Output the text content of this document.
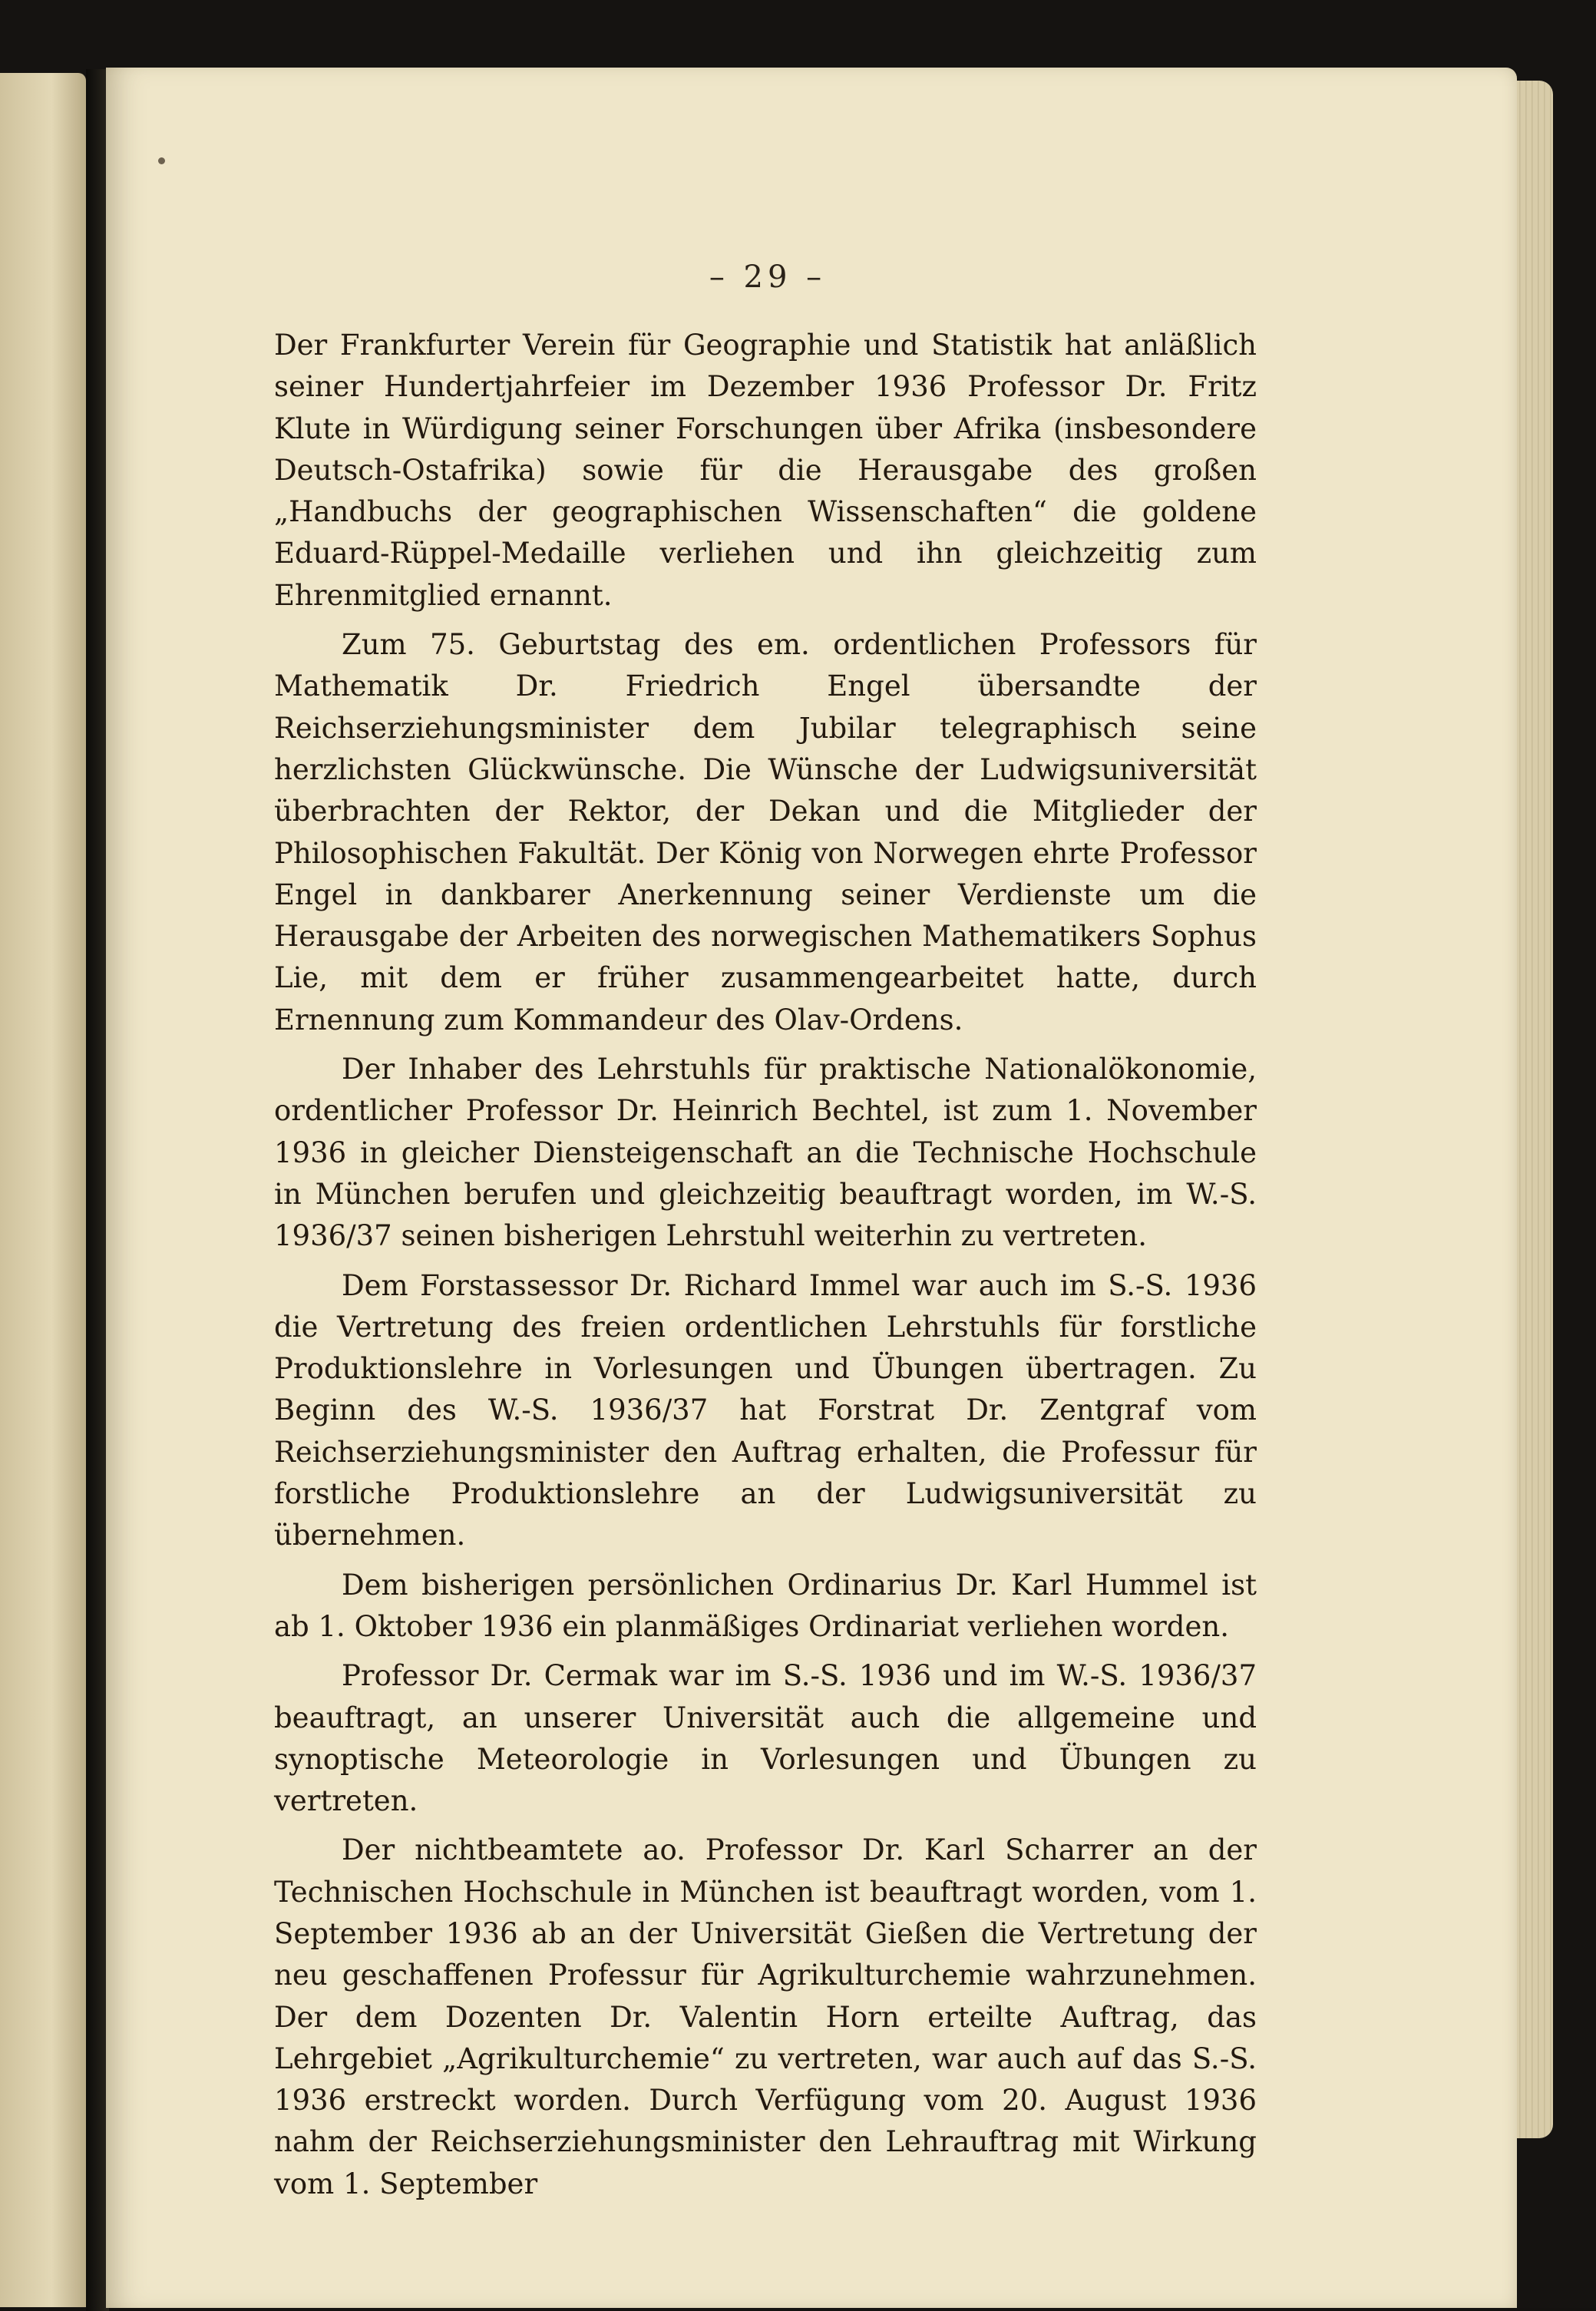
– 29 –

Der Frankfurter Verein für Geographie und Statistik hat anläßlich seiner Hundertjahrfeier im Dezember 1936 Professor Dr. Fritz Klute in Würdigung seiner Forschungen über Afrika (insbesondere Deutsch-Ostafrika) sowie für die Herausgabe des großen „Handbuchs der geographischen Wissenschaften“ die goldene Eduard-Rüppel-Medaille verliehen und ihn gleichzeitig zum Ehrenmitglied ernannt.

Zum 75. Geburtstag des em. ordentlichen Professors für Mathematik Dr. Friedrich Engel übersandte der Reichserziehungsminister dem Jubilar telegraphisch seine herzlichsten Glückwünsche. Die Wünsche der Ludwigsuniversität überbrachten der Rektor, der Dekan und die Mitglieder der Philosophischen Fakultät. Der König von Norwegen ehrte Professor Engel in dankbarer Anerkennung seiner Verdienste um die Herausgabe der Arbeiten des norwegischen Mathematikers Sophus Lie, mit dem er früher zusammengearbeitet hatte, durch Ernennung zum Kommandeur des Olav-Ordens.

Der Inhaber des Lehrstuhls für praktische Nationalökonomie, ordentlicher Professor Dr. Heinrich Bechtel, ist zum 1. November 1936 in gleicher Diensteigenschaft an die Technische Hochschule in München berufen und gleichzeitig beauftragt worden, im W.-S. 1936/37 seinen bisherigen Lehrstuhl weiterhin zu vertreten.

Dem Forstassessor Dr. Richard Immel war auch im S.-S. 1936 die Vertretung des freien ordentlichen Lehrstuhls für forstliche Produktionslehre in Vorlesungen und Übungen übertragen. Zu Beginn des W.-S. 1936/37 hat Forstrat Dr. Zentgraf vom Reichserziehungsminister den Auftrag erhalten, die Professur für forstliche Produktionslehre an der Ludwigsuniversität zu übernehmen.

Dem bisherigen persönlichen Ordinarius Dr. Karl Hummel ist ab 1. Oktober 1936 ein planmäßiges Ordinariat verliehen worden.

Professor Dr. Cermak war im S.-S. 1936 und im W.-S. 1936/37 beauftragt, an unserer Universität auch die allgemeine und synoptische Meteorologie in Vorlesungen und Übungen zu vertreten.

Der nichtbeamtete ao. Professor Dr. Karl Scharrer an der Technischen Hochschule in München ist beauftragt worden, vom 1. September 1936 ab an der Universität Gießen die Vertretung der neu geschaffenen Professur für Agrikulturchemie wahrzunehmen. Der dem Dozenten Dr. Valentin Horn erteilte Auftrag, das Lehrgebiet „Agrikulturchemie“ zu vertreten, war auch auf das S.-S. 1936 erstreckt worden. Durch Verfügung vom 20. August 1936 nahm der Reichserziehungsminister den Lehrauftrag mit Wirkung vom 1. September
